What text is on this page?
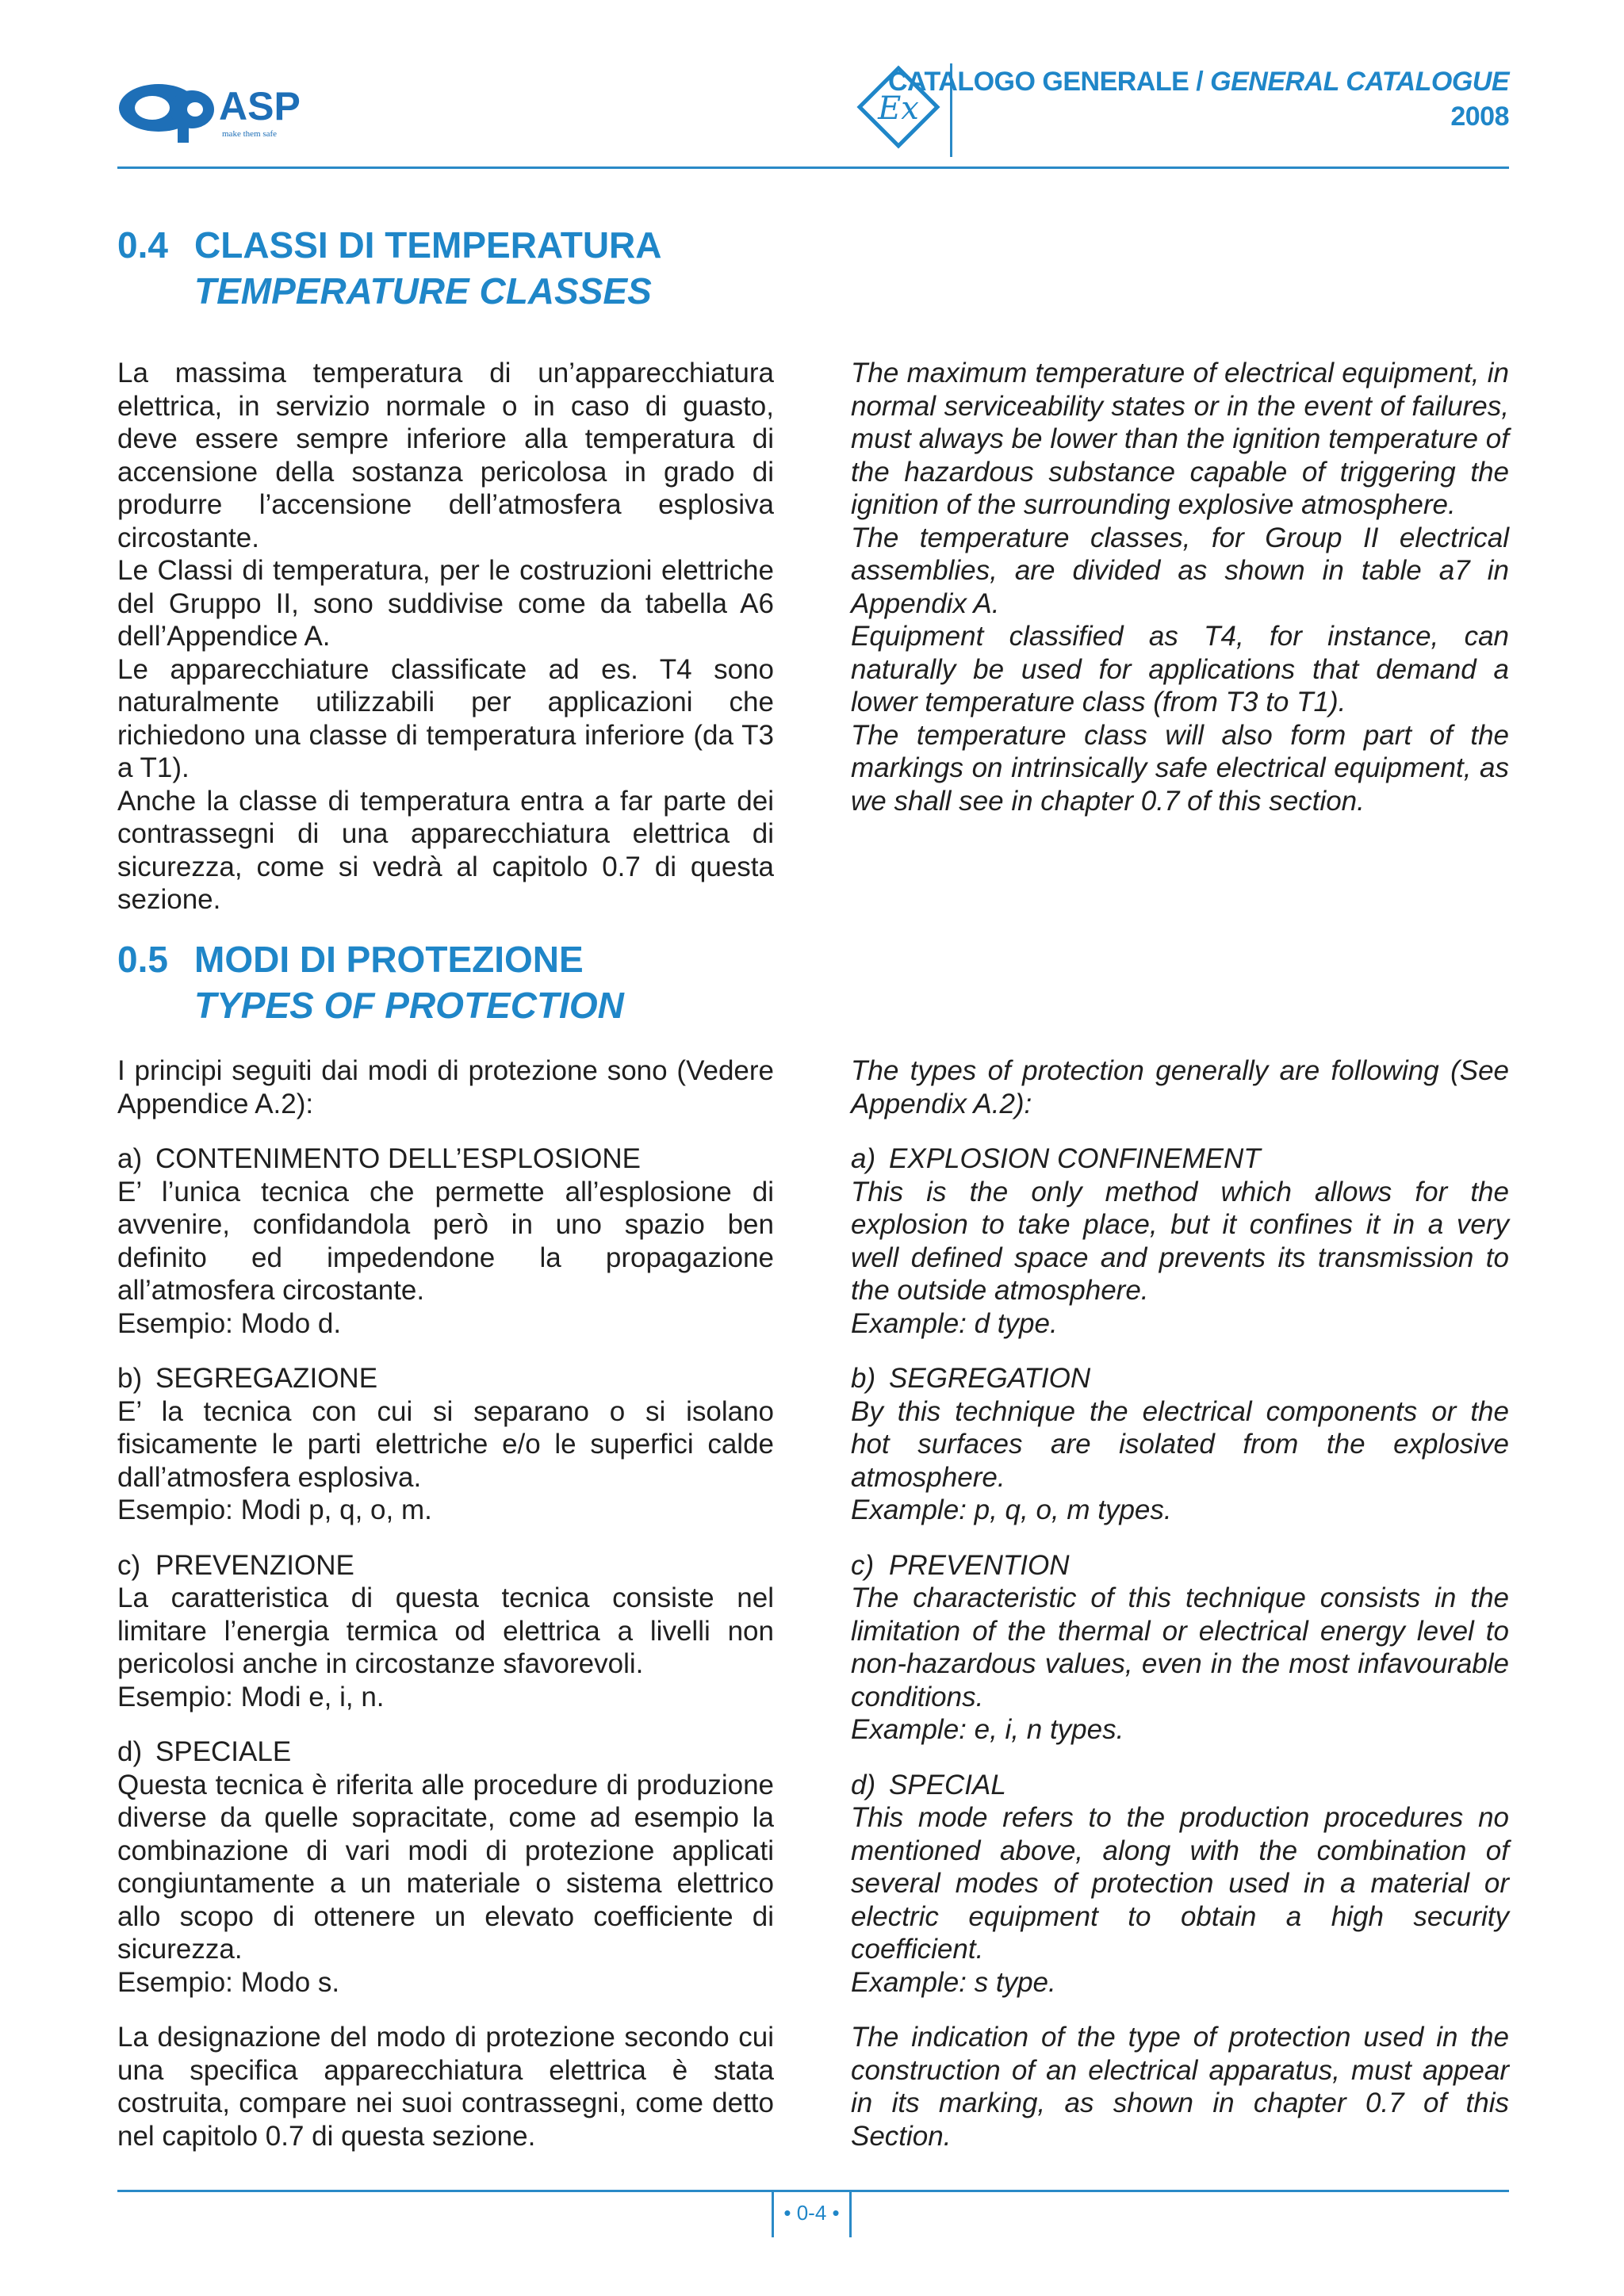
ASP
make them safe
Ex
CATALOGO GENERALE / GENERAL CATALOGUE
2008
0.4 CLASSI DI TEMPERATURA
TEMPERATURE CLASSES

La massima temperatura di un’apparecchiatura elettrica, in servizio normale o in caso di guasto, deve essere sempre inferiore alla temperatura di accensione della sostanza pericolosa in grado di produrre l’accensione dell’atmosfera esplosiva circostante.

Le Classi di temperatura, per le costruzioni elettriche del Gruppo II, sono suddivise come da tabella A6 dell’Appendice A.

Le apparecchiature classificate ad es. T4 sono naturalmente utilizzabili per applicazioni che richiedono una classe di temperatura inferiore (da T3 a T1).

Anche la classe di temperatura entra a far parte dei contrassegni di una apparecchiatura elettrica di sicurezza, come si vedrà al capitolo 0.7 di questa sezione.

The maximum temperature of electrical equipment, in normal serviceability states or in the event of failures, must always be lower than the ignition temperature of the hazardous substance capable of triggering the ignition of the surrounding explosive atmosphere.

The temperature classes, for Group II electrical assemblies, are divided as shown in table a7 in Appendix A.

Equipment classified as T4, for instance, can naturally be used for applications that demand a lower temperature class (from T3 to T1).

The temperature class will also form part of the markings on intrinsically safe electrical equipment, as we shall see in chapter 0.7 of this section.

0.5 MODI DI PROTEZIONE
TYPES OF PROTECTION

I principi seguiti dai modi di protezione sono (Vedere Appendice A.2):

a) CONTENIMENTO DELL’ESPLOSIONE

E’ l’unica tecnica che permette all’esplosione di avvenire, confidandola però in uno spazio ben definito ed impedendone la propagazione all’atmosfera circostante.

Esempio: Modo d.

b) SEGREGAZIONE

E’ la tecnica con cui si separano o si isolano fisicamente le parti elettriche e/o le superfici calde dall’atmosfera esplosiva.

Esempio: Modi p, q, o, m.

c) PREVENZIONE

La caratteristica di questa tecnica consiste nel limitare l’energia termica od elettrica a livelli non pericolosi anche in circostanze sfavorevoli.

Esempio: Modi e, i, n.

d) SPECIALE

Questa tecnica è riferita alle procedure di produzione diverse da quelle sopracitate, come ad esempio la combinazione di vari modi di protezione applicati congiuntamente a un materiale o sistema elettrico allo scopo di ottenere un elevato coefficiente di sicurezza.

Esempio: Modo s.

La designazione del modo di protezione secondo cui una specifica apparecchiatura elettrica è stata costruita, compare nei suoi contrassegni, come detto nel capitolo 0.7 di questa sezione.

The types of protection generally are following (See Appendix A.2):

a) EXPLOSION CONFINEMENT

This is the only method which allows for the explosion to take place, but it confines it in a very well defined space and prevents its transmission to the outside atmosphere.

Example: d type.

b) SEGREGATION

By this technique the electrical components or the hot surfaces are isolated from the explosive atmosphere.

Example: p, q, o, m types.

c) PREVENTION

The characteristic of this technique consists in the limitation of the thermal or electrical energy level to non-hazardous values, even in the most infavourable conditions.

Example: e, i, n types.

d) SPECIAL

This mode refers to the production procedures no mentioned above, along with the combination of several modes of protection used in a material or electric equipment to obtain a high security coefficient.

Example: s type.

The indication of the type of protection used in the construction of an electrical apparatus, must appear in its marking, as shown in chapter 0.7 of this Section.

• 0-4 •
